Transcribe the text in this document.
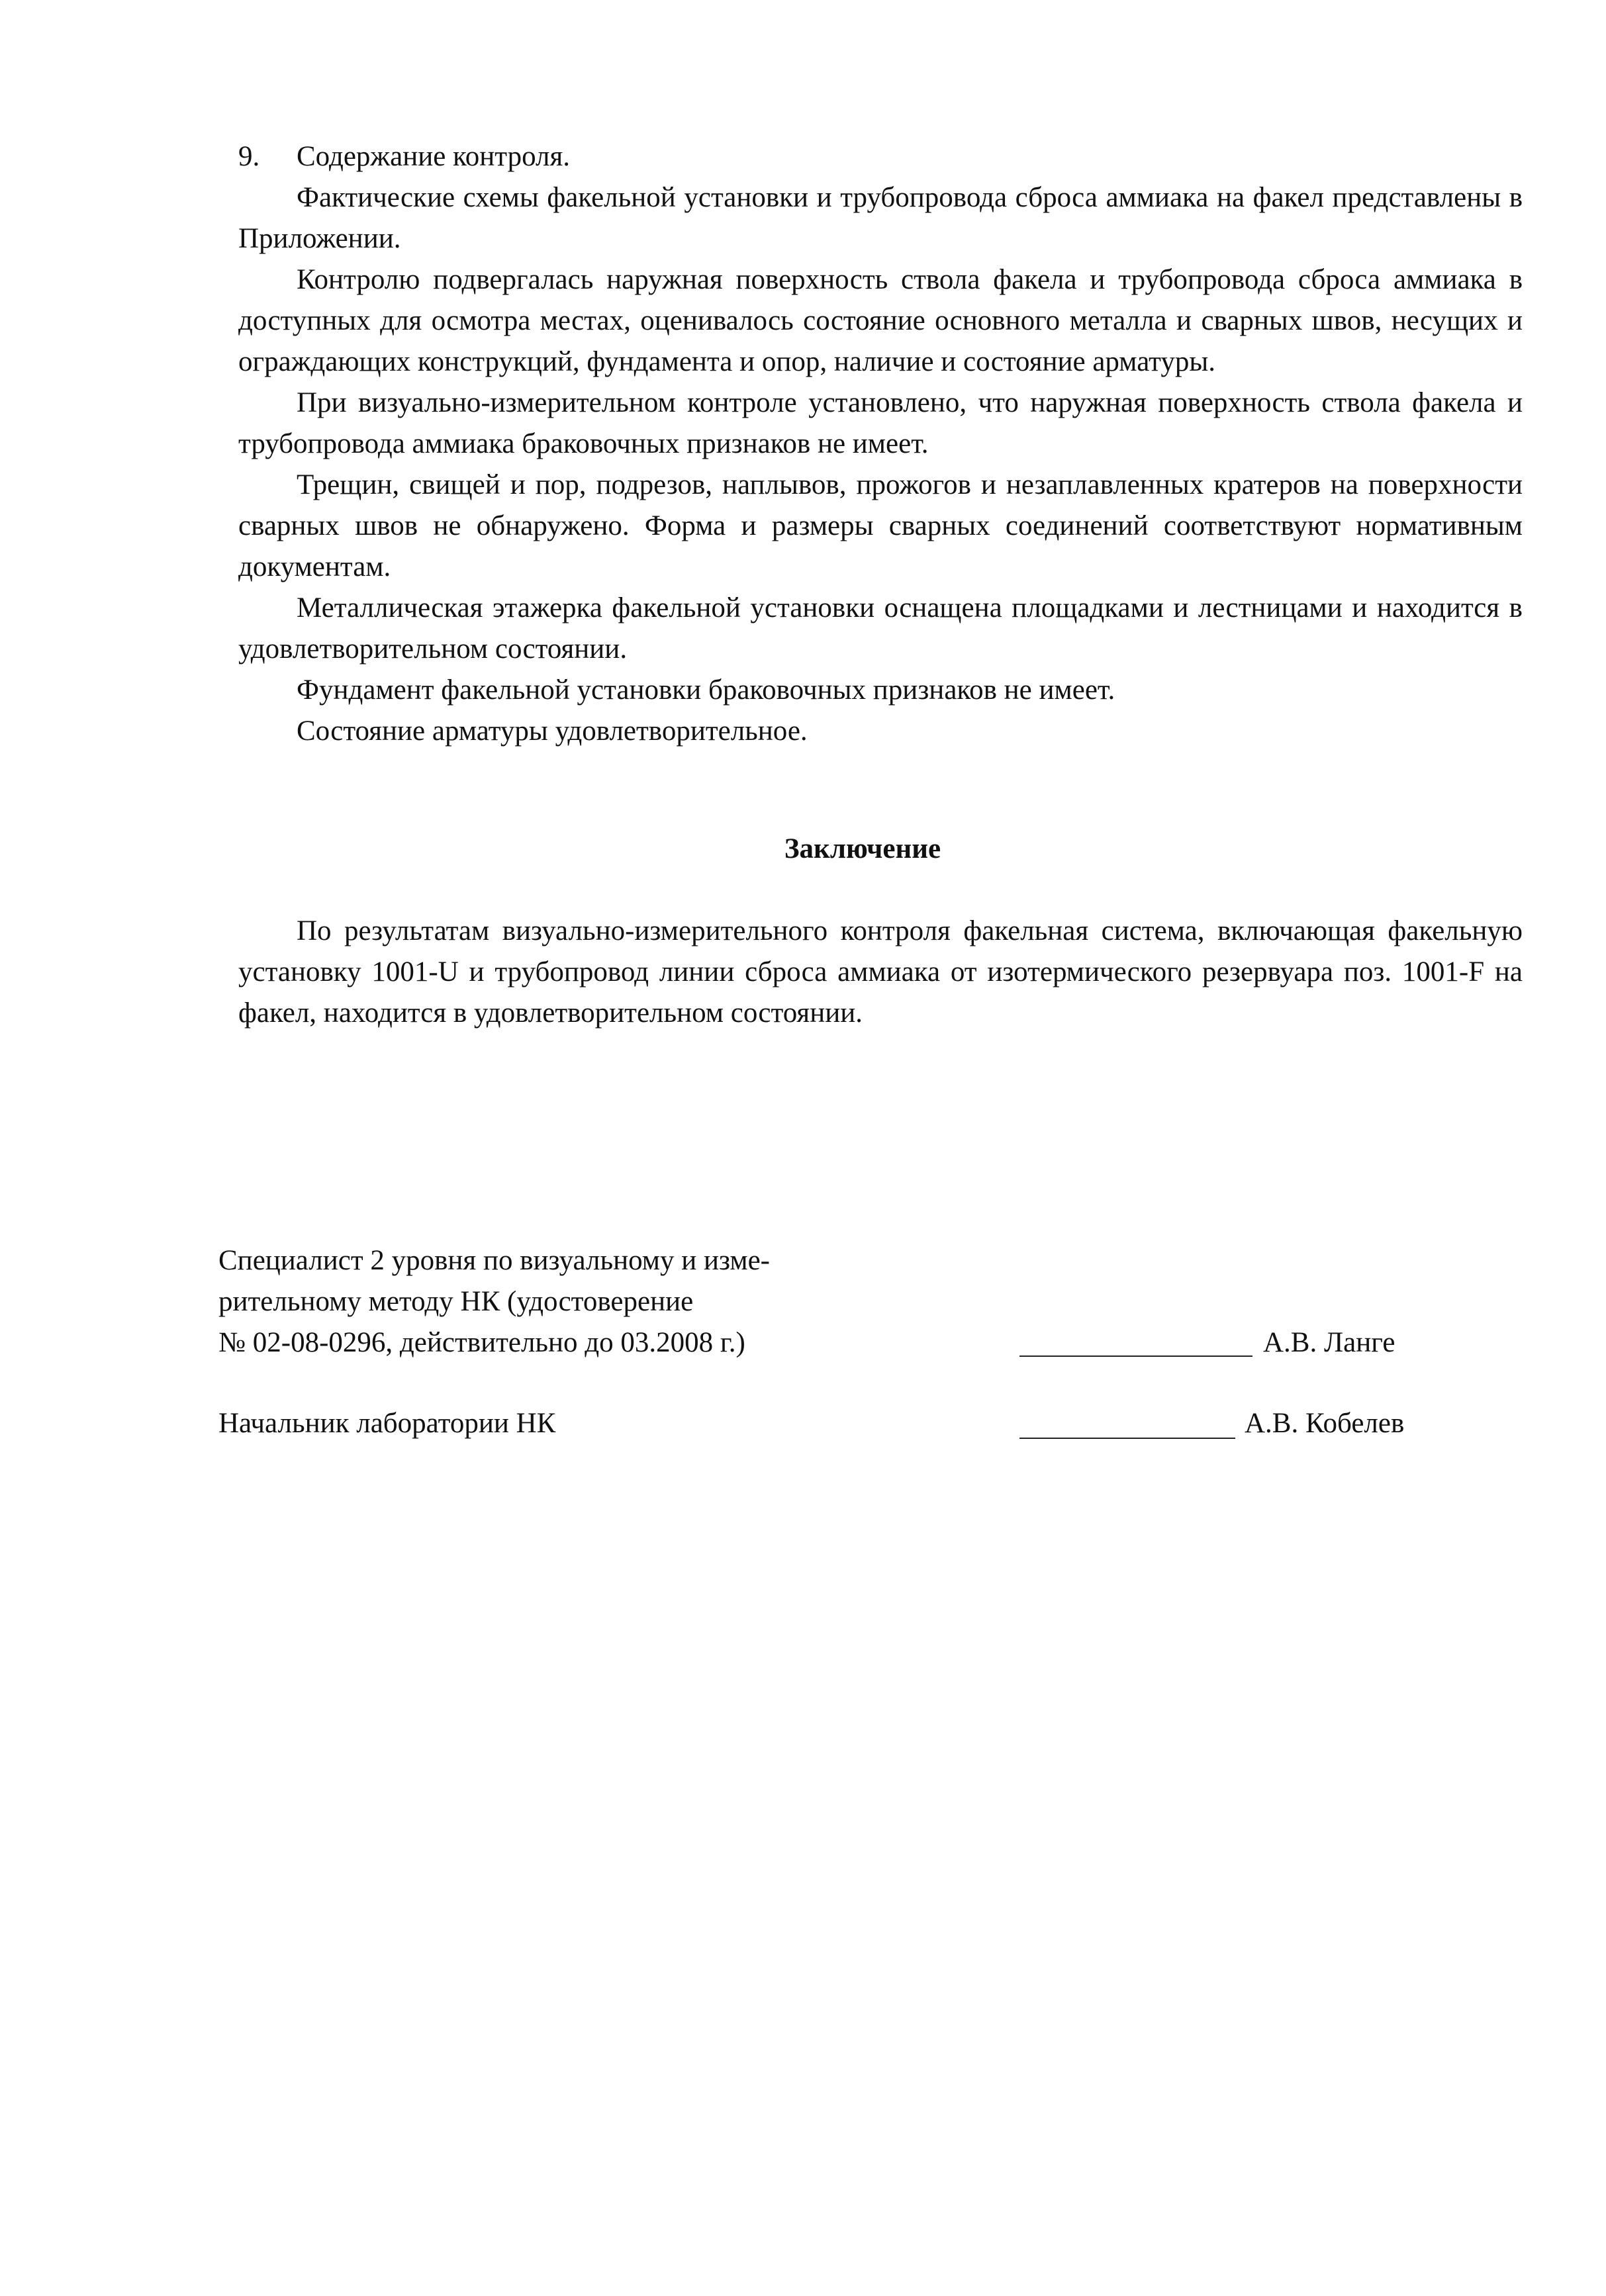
9. Содержание контроля.

Фактические схемы факельной установки и трубопровода сброса аммиака на факел представлены в Приложении.

Контролю подвергалась наружная поверхность ствола факела и трубопровода сброса аммиака в доступных для осмотра местах, оценивалось состояние основного металла и сварных швов, несущих и ограждающих конструкций, фундамента и опор, наличие и состояние арматуры.

При визуально-измерительном контроле установлено, что наружная поверхность ствола факела и трубопровода аммиака браковочных признаков не имеет.

Трещин, свищей и пор, подрезов, наплывов, прожогов и незаплавленных кратеров на поверхности сварных швов не обнаружено. Форма и размеры сварных соединений соответствуют нормативным документам.

Металлическая этажерка факельной установки оснащена площадками и лестницами и находится в удовлетворительном состоянии.

Фундамент факельной установки браковочных признаков не имеет.

Состояние арматуры удовлетворительное.

Заключение

По результатам визуально-измерительного контроля факельная система, включающая факельную установку 1001-U и трубопровод линии сброса аммиака от изотермического резервуара поз. 1001-F на факел, находится в удовлетворительном состоянии.

Специалист 2 уровня по визуальному и изме-
рительному методу НК (удостоверение
№ 02-08-0296, действительно до 03.2008 г.)	А.В. Ланге
Начальник лаборатории НК	А.В. Кобелев
